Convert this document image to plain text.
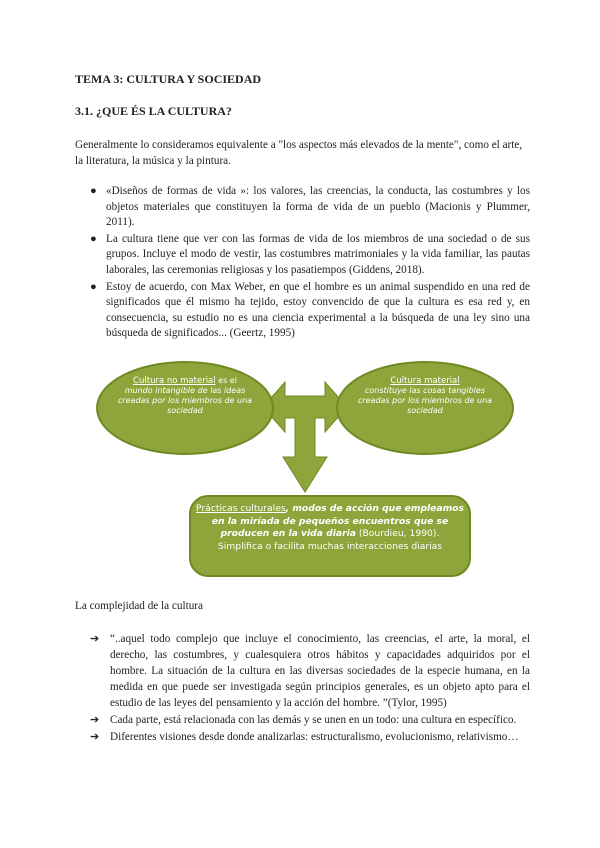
TEMA 3: CULTURA Y SOCIEDAD
3.1. ¿QUE ÉS LA CULTURA?
Generalmente lo consideramos equivalente a "los aspectos más elevados de la mente", como el arte, la literatura, la música y la pintura.
● «Diseños de formas de vida »: los valores, las creencias, la conducta, las costumbres y los objetos materiales que constituyen la forma de vida de un pueblo (Macionis y Plummer, 2011).
● La cultura tiene que ver con las formas de vida de los miembros de una sociedad o de sus grupos. Incluye el modo de vestir, las costumbres matrimoniales y la vida familiar, las pautas laborales, las ceremonias religiosas y los pasatiempos (Giddens, 2018).
● Estoy de acuerdo, con Max Weber, en que el hombre es un animal suspendido en una red de significados que él mismo ha tejido, estoy convencido de que la cultura es esa red y, en consecuencia, su estudio no es una ciencia experimental a la búsqueda de una ley sino una búsqueda de significados... (Geertz, 1995)
Cultura no material es el
mundo intangible de las ideas creadas por los miembros de una sociedad
Cultura material
constituye las cosas tangibles creadas por los miembros de una sociedad
Prácticas culturales, modos de acción que empleamos en la miríada de pequeños encuentros que se producen en la vida diaria (Bourdieu, 1990).
Simplifica o facilita muchas interacciones diarias
La complejidad de la cultura
➔ “..aquel todo complejo que incluye el conocimiento, las creencias, el arte, la moral, el derecho, las costumbres, y cualesquiera otros hábitos y capacidades adquiridos por el hombre. La situación de la cultura en las diversas sociedades de la especie humana, en la medida en que puede ser investigada según principios generales, es un objeto apto para el estudio de las leyes del pensamiento y la acción del hombre. ”(Tylor, 1995)
➔ Cada parte, está relacionada con las demás y se unen en un todo: una cultura en específico.
➔ Diferentes visiones desde donde analizarlas: estructuralismo, evolucionismo, relativismo…
